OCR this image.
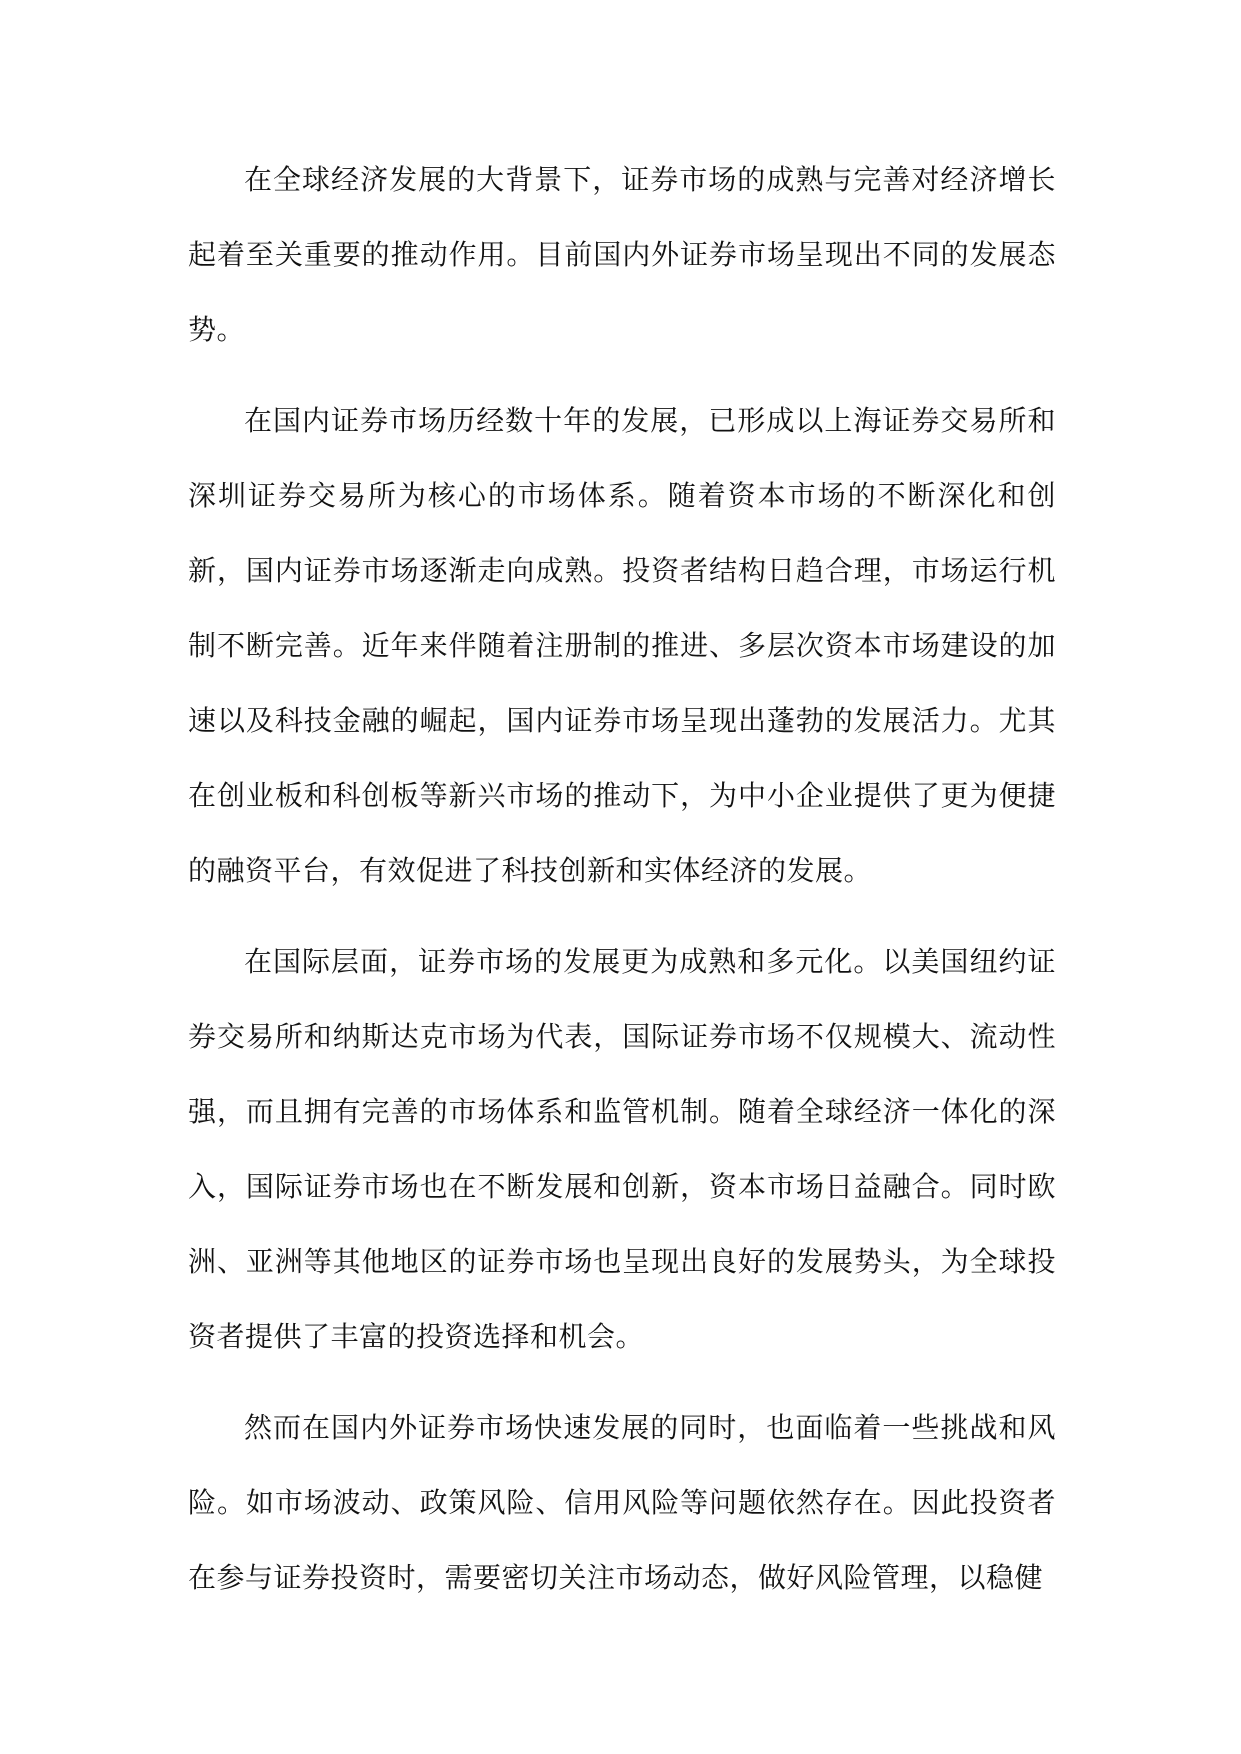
在全球经济发展的大背景下，证券市场的成熟与完善对经济增长起着至关重要的推动作用。目前国内外证券市场呈现出不同的发展态势。

在国内证券市场历经数十年的发展，已形成以上海证券交易所和深圳证券交易所为核心的市场体系。随着资本市场的不断深化和创新，国内证券市场逐渐走向成熟。投资者结构日趋合理，市场运行机制不断完善。近年来伴随着注册制的推进、多层次资本市场建设的加速以及科技金融的崛起，国内证券市场呈现出蓬勃的发展活力。尤其在创业板和科创板等新兴市场的推动下，为中小企业提供了更为便捷的融资平台，有效促进了科技创新和实体经济的发展。

在国际层面，证券市场的发展更为成熟和多元化。以美国纽约证券交易所和纳斯达克市场为代表，国际证券市场不仅规模大、流动性强，而且拥有完善的市场体系和监管机制。随着全球经济一体化的深入，国际证券市场也在不断发展和创新，资本市场日益融合。同时欧洲、亚洲等其他地区的证券市场也呈现出良好的发展势头，为全球投资者提供了丰富的投资选择和机会。

然而在国内外证券市场快速发展的同时，也面临着一些挑战和风险。如市场波动、政策风险、信用风险等问题依然存在。因此投资者在参与证券投资时，需要密切关注市场动态，做好风险管理，以稳健
